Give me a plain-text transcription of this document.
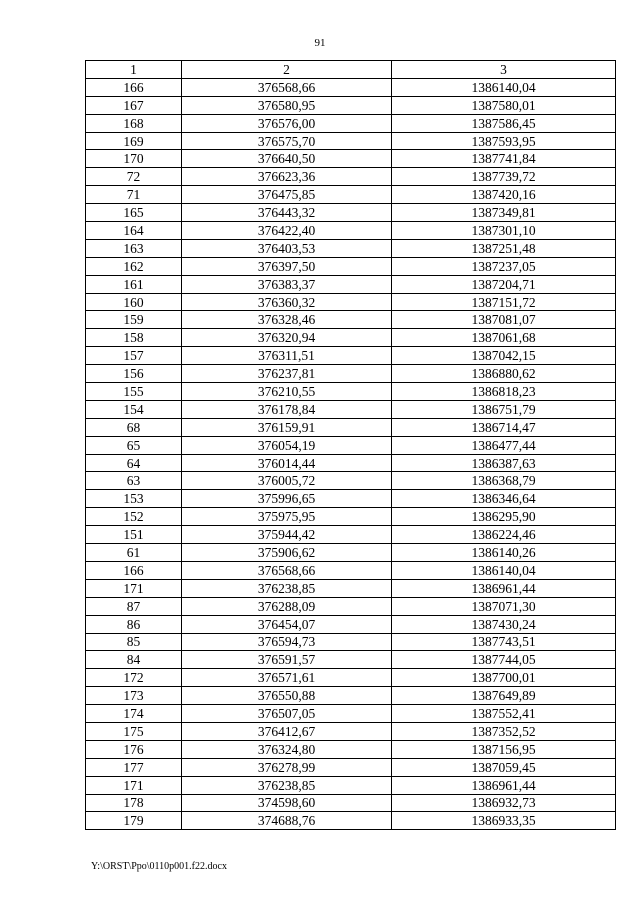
91
1	2	3
166	376568,66	1386140,04
167	376580,95	1387580,01
168	376576,00	1387586,45
169	376575,70	1387593,95
170	376640,50	1387741,84
72	376623,36	1387739,72
71	376475,85	1387420,16
165	376443,32	1387349,81
164	376422,40	1387301,10
163	376403,53	1387251,48
162	376397,50	1387237,05
161	376383,37	1387204,71
160	376360,32	1387151,72
159	376328,46	1387081,07
158	376320,94	1387061,68
157	376311,51	1387042,15
156	376237,81	1386880,62
155	376210,55	1386818,23
154	376178,84	1386751,79
68	376159,91	1386714,47
65	376054,19	1386477,44
64	376014,44	1386387,63
63	376005,72	1386368,79
153	375996,65	1386346,64
152	375975,95	1386295,90
151	375944,42	1386224,46
61	375906,62	1386140,26
166	376568,66	1386140,04
171	376238,85	1386961,44
87	376288,09	1387071,30
86	376454,07	1387430,24
85	376594,73	1387743,51
84	376591,57	1387744,05
172	376571,61	1387700,01
173	376550,88	1387649,89
174	376507,05	1387552,41
175	376412,67	1387352,52
176	376324,80	1387156,95
177	376278,99	1387059,45
171	376238,85	1386961,44
178	374598,60	1386932,73
179	374688,76	1386933,35
Y:\ORST\Ppo\0110p001.f22.docx
